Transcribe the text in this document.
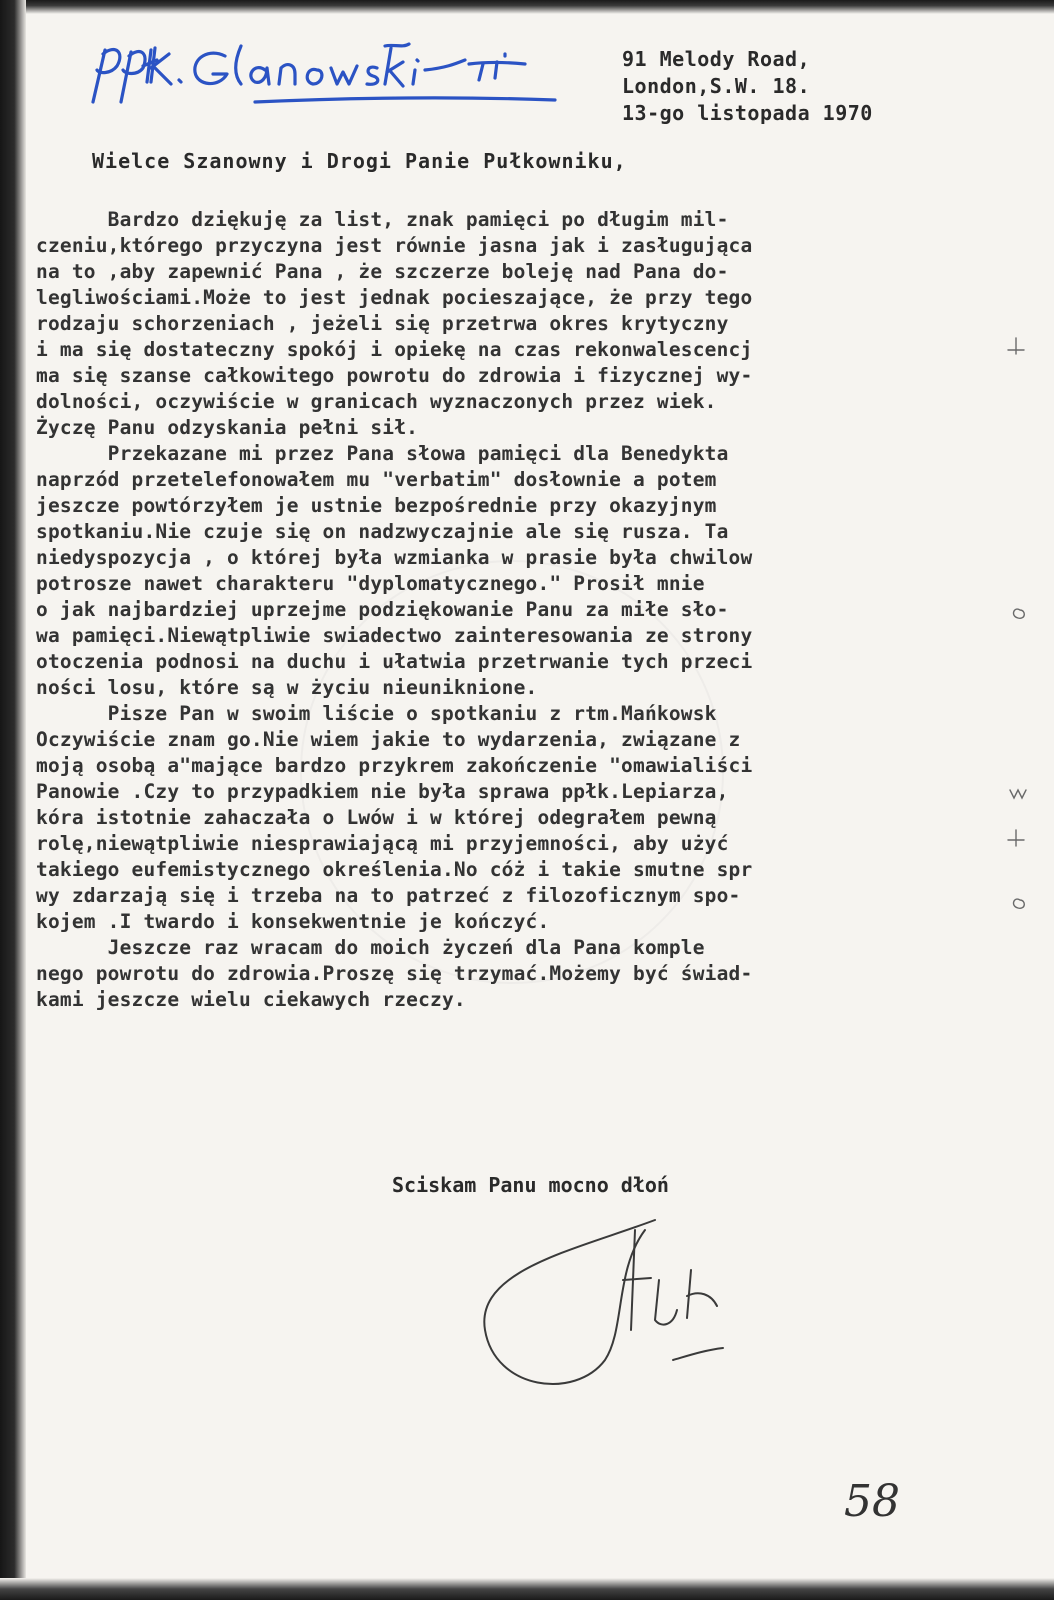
91 Melody Road,
London,S.W. 18.
13-go listopada 1970
Wielce Szanowny i Drogi Panie Pułkowniku,
Bardzo dziękuję za list, znak pamięci po długim mil-
czeniu,którego przyczyna jest równie jasna jak i zasługująca
na to ,aby zapewnić Pana , że szczerze boleję nad Pana do-
legliwościami.Może to jest jednak pocieszające, że przy tego
rodzaju schorzeniach , jeżeli się przetrwa okres krytyczny
i ma się dostateczny spokój i opiekę na czas rekonwalescencj
ma się szanse całkowitego powrotu do zdrowia i fizycznej wy-
dolności, oczywiście w granicach wyznaczonych przez wiek.
Życzę Panu odzyskania pełni sił.
Przekazane mi przez Pana słowa pamięci dla Benedykta
naprzód przetelefonowałem mu "verbatim" dosłownie a potem
jeszcze powtórzyłem je ustnie bezpośrednie przy okazyjnym
spotkaniu.Nie czuje się on nadzwyczajnie ale się rusza. Ta
niedyspozycja , o której była wzmianka w prasie była chwilow
potrosze nawet charakteru "dyplomatycznego." Prosił mnie
o jak najbardziej uprzejme podziękowanie Panu za miłe sło-
wa pamięci.Niewątpliwie swiadectwo zainteresowania ze strony
otoczenia podnosi na duchu i ułatwia przetrwanie tych przeci
ności losu, które są w życiu nieuniknione.
Pisze Pan w swoim liście o spotkaniu z rtm.Mańkowsk
Oczywiście znam go.Nie wiem jakie to wydarzenia, związane z
moją osobą a"mające bardzo przykrem zakończenie "omawialiści
Panowie .Czy to przypadkiem nie była sprawa ppłk.Lepiarza,
kóra istotnie zahaczała o Lwów i w której odegrałem pewną
rolę,niewątpliwie niesprawiającą mi przyjemności, aby użyć
takiego eufemistycznego określenia.No cóż i takie smutne spr
wy zdarzają się i trzeba na to patrzeć z filozoficznym spo-
kojem .I twardo i konsekwentnie je kończyć.
Jeszcze raz wracam do moich życzeń dla Pana komple
nego powrotu do zdrowia.Proszę się trzymać.Możemy być świad-
kami jeszcze wielu ciekawych rzeczy.
Sciskam Panu mocno dłoń
58
